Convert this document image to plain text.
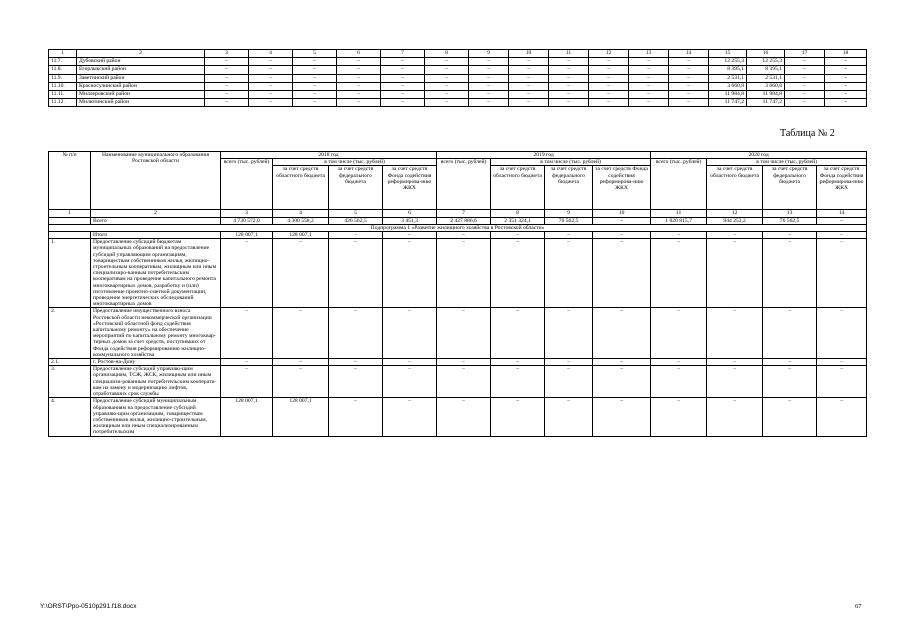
1	2	3	4	5	6	7	8	9	10	11	12	13	14	15	16	17	18
11.7.	Дубовский район	–	–	–	–	–	–	–	–	–	–	–	–	12 255,3	12 255,3	–	–
11.8.	Егорлыкский район	–	–	–	–	–	–	–	–	–	–	–	–	8 395,1	8 395,1	–	–
11.9.	Заветинский район	–	–	–	–	–	–	–	–	–	–	–	–	2 531,1	2 531,1	–	–
11.10.	Красносулинский район	–	–	–	–	–	–	–	–	–	–	–	–	3 660,8	3 660,8	–	–
11.11.	Миллеровский район	–	–	–	–	–	–	–	–	–	–	–	–	11 984,8	11 984,8	–	–
11.12.	Милютинский район	–	–	–	–	–	–	–	–	–	–	–	–	11 747,2	11 747,2	–	–
Таблица № 2
№ п/п	Наименование муниципального образования Ростовской области	2018 год				2019 год				2020 год			
		всего (тыс. рублей)	в том числе (тыс. рублей)			всего (тыс. рублей)	в том числе (тыс. рублей)			всего (тыс. рублей)	в том числе (тыс. рублей)		
			за счет средств областного бюджета	за счет средств федерального бюджета	за счет средств Фонда содействия реформирова-нию ЖКХ		за счет средств областного бюджета	за счет средств федерального бюджета	за счет средств Фонда содействия реформирова-нию ЖКХ		за счет средств областного бюджета	за счет средств федерального бюджета	за счет средств Фонда содействия реформирова-нию ЖКХ
1	2	3	4	5	6	7	8	9	10	11	12	13	14
	Всего	4 730 572,0	4 300 558,2	426 562,5	3 451,3	2 427 886,6	2 351 324,1	76 562,5	–	1 020 815,7	944 253,2	76 562,5	–
Подпрограмма 1 «Развитие жилищного хозяйства в Ростовской области»													
	Итого	128 007,1	128 007,1	–	–	–	–	–	–	–	–	–	–
1.	Предоставление субсидий бюджетам муниципальных образований на предоставление субсидий управляющим организациям, товариществам собственников жилья, жилищно-строительным кооперативам, жилищным или иным специализиро-ванным потребительским кооперативам на проведение капитального ремонта многоквартирных домов, разработку и (или) изготовление проектно-сметной документации, проведение энергетических обследований многоквартирных домов	–	–	–	–	–	–	–	–	–	–	–	–
2.	Предоставление имущественного взноса Ростовской области некоммерческой организации «Ростовский областной фонд содействия капитальному ремонту» на обеспечение мероприятий по капитальному ремонту многоквар-тирных домов за счет средств, поступивших от Фонда содействия реформированию жилищно-коммунального хозяйства	–	–	–	–	–	–	–	–	–	–	–	–
2.1.	г. Ростов-на-Дону	–	–	–	–	–	–	–	–	–	–	–	–
3.	Предоставление субсидий управляю-щим организациям, ТСЖ, ЖСК, жилищным или иным специализи-рованным потребительским кооперати-вам на замену и модернизацию лифтов, отработавших срок службы	–	–	–	–	–	–	–	–	–	–	–	–
4.	Предоставление субсидий муниципальным образованиям на предоставление субсидий управляю-щим организациям, товариществам собственников жилья, жилищно-строительным, жилищным или иным специализированным потребительским	128 007,1	128 007,1	–	–	–	–	–	–	–	–	–	–
Y:\ORST\Ppo-0510p291.f18.docx	67
